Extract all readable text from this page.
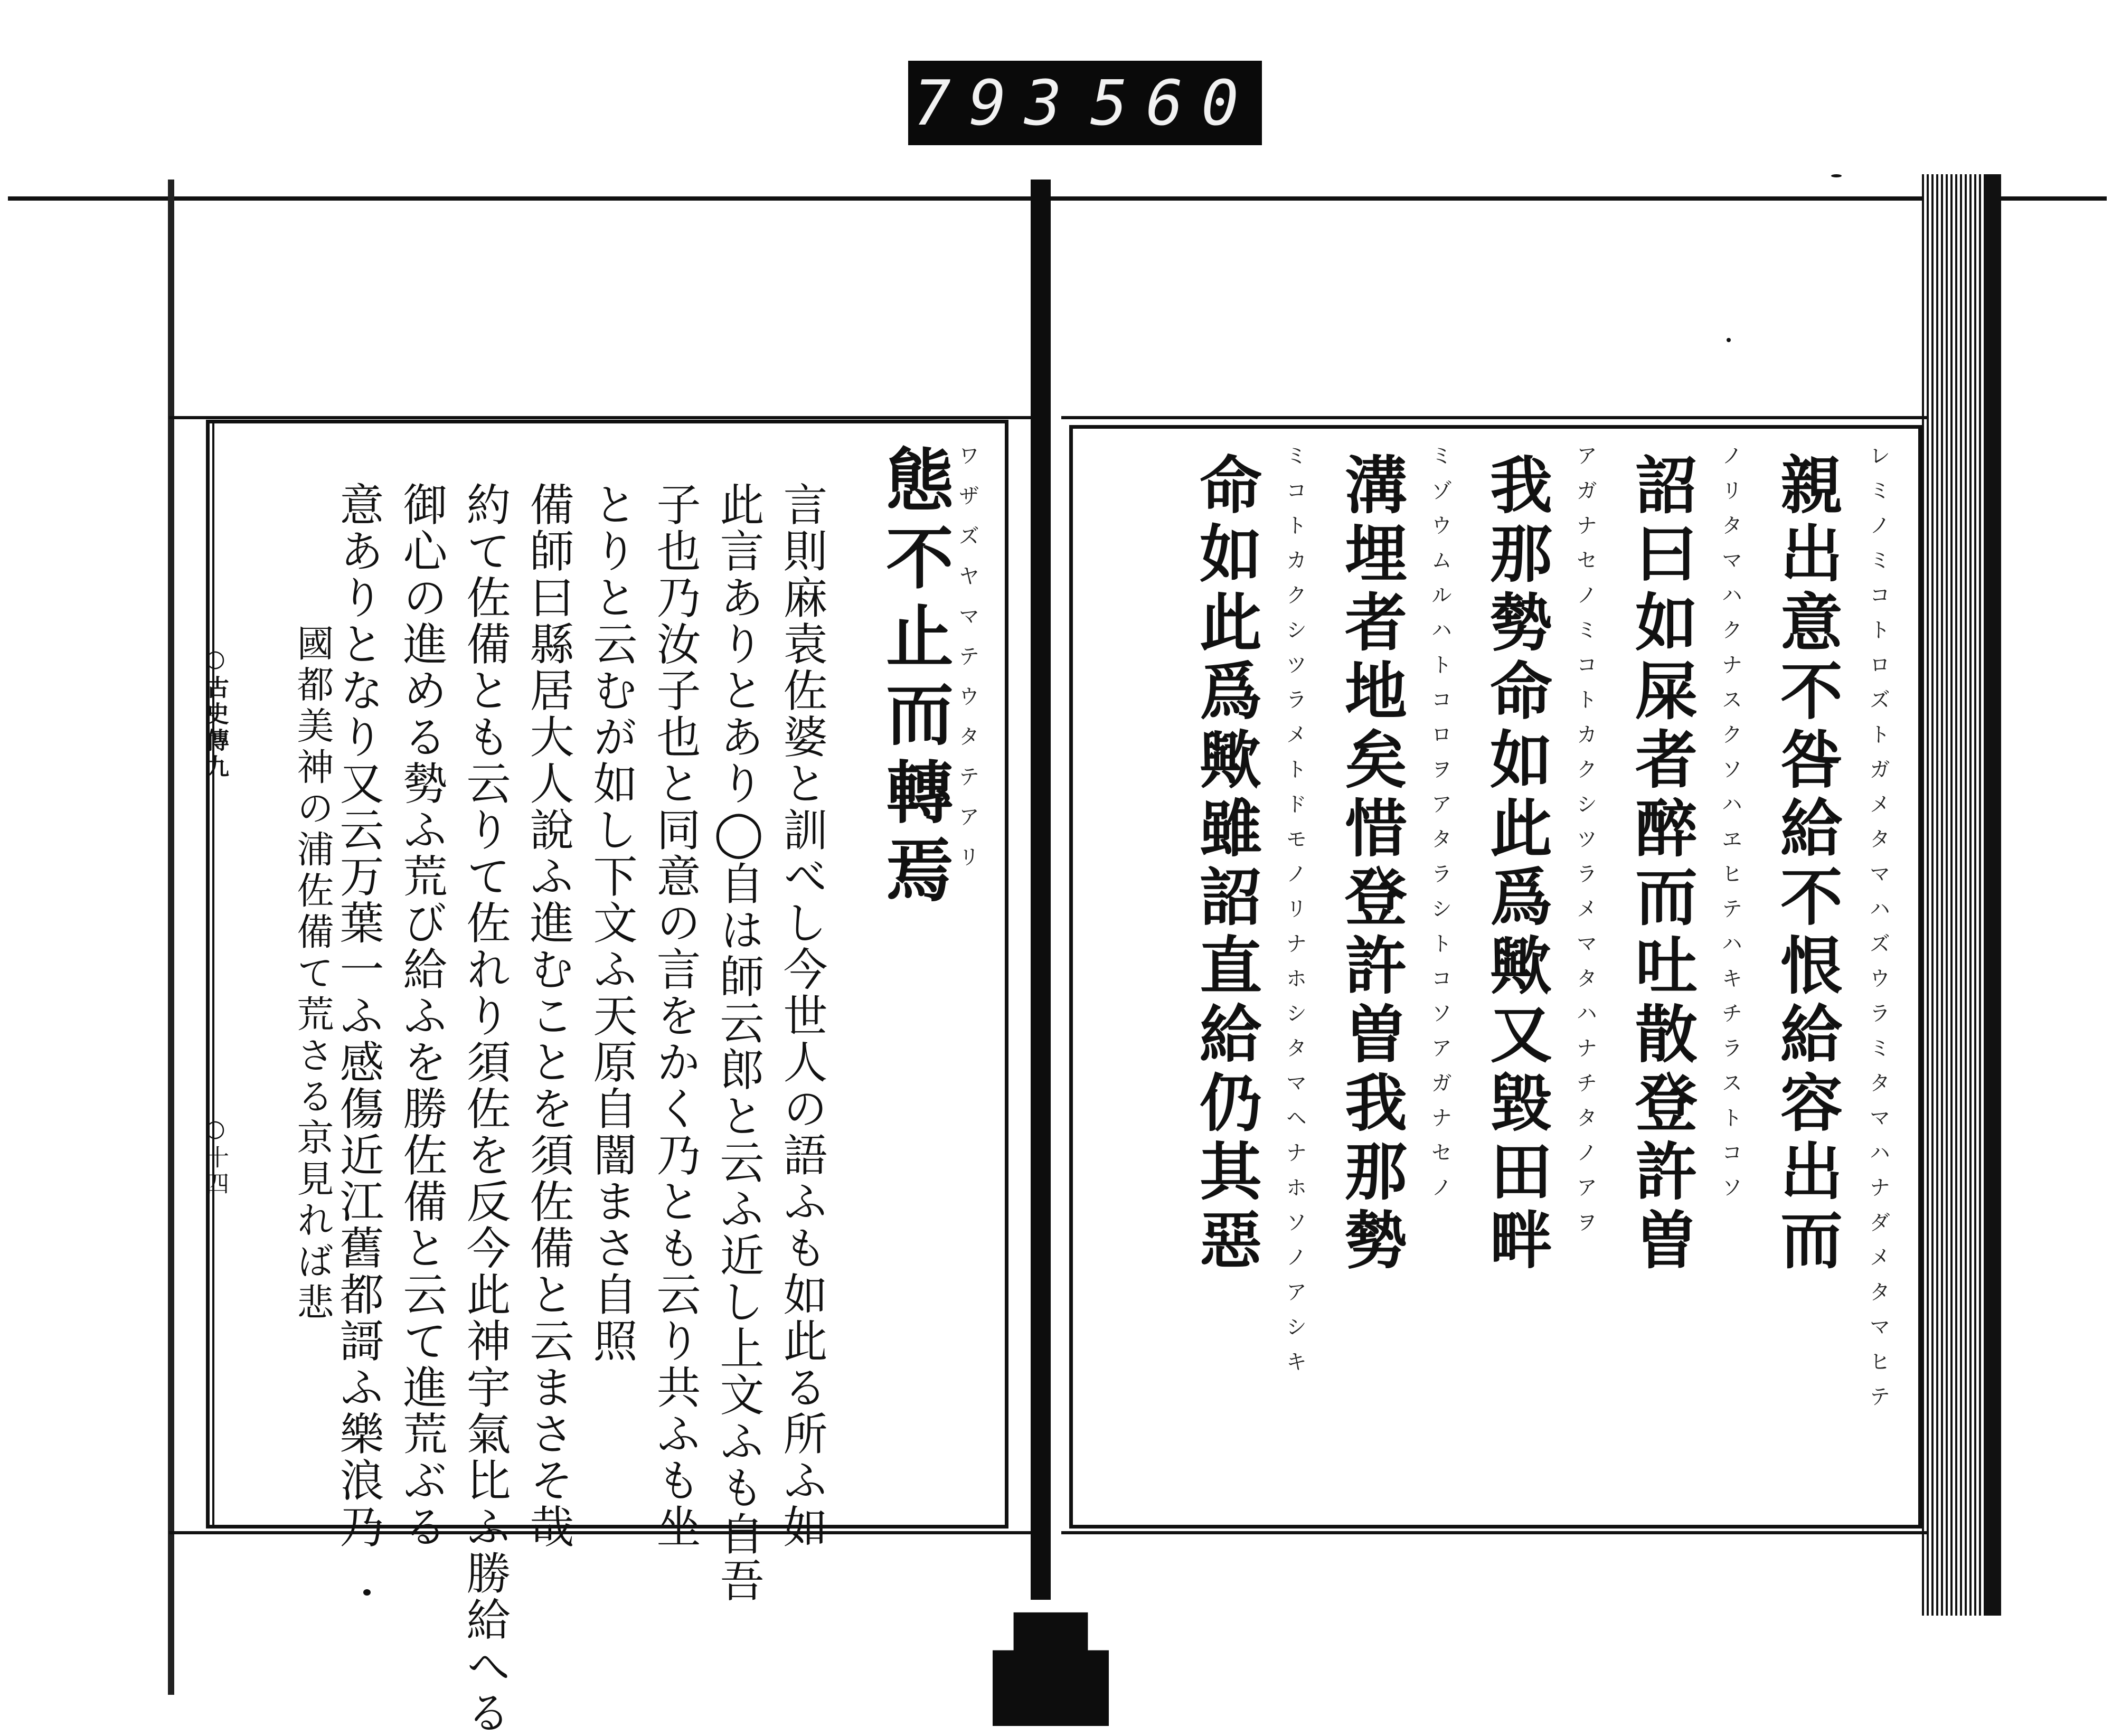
793 560
親出意不咎給不恨給容出而 レミノミコトロズトガメタマハズウラミタマハナダメタマヒテ
詔曰如屎者醉而吐散登許曽 ノリタマハクナスクソハヱヒテハキチラストコソ
我那勢命如此爲歟又毀田畔 アガナセノミコトカクシツラメマタハナチタノアヲ
溝埋者地矣惜登許曽我那勢 ミゾウムルハトコロヲアタラシトコソアガナセノ
命如此爲歟雖詔直給仍其惡 ミコトカクシツラメトドモノリナホシタマヘナホソノアシキ
態不止而轉焉 ワザズヤマテウタテアリ
言則麻袁佐婆と訓べし今世人の語ふも如此る所ふ如
此言ありとあり◯自は師云郎と云ふ近し上文ふも自吾
子也乃汝子也と同意の言をかく乃とも云り共ふも坐
とりと云むが如し下文ふ天原自闇まさ自照
備師曰縣居大人說ふ進むことを須佐備と云まさそ哉
約て佐備とも云りて佐れり須佐を反今此神宇氣比ふ勝給へる
御心の進める勢ふ荒び給ふを勝佐備と云て進荒ぶる
意ありとなり又云万葉一ふ感傷近江舊都謌ふ樂浪乃
國都美神の浦佐備て荒さる京見れば悲
○古史傳九
○十四
